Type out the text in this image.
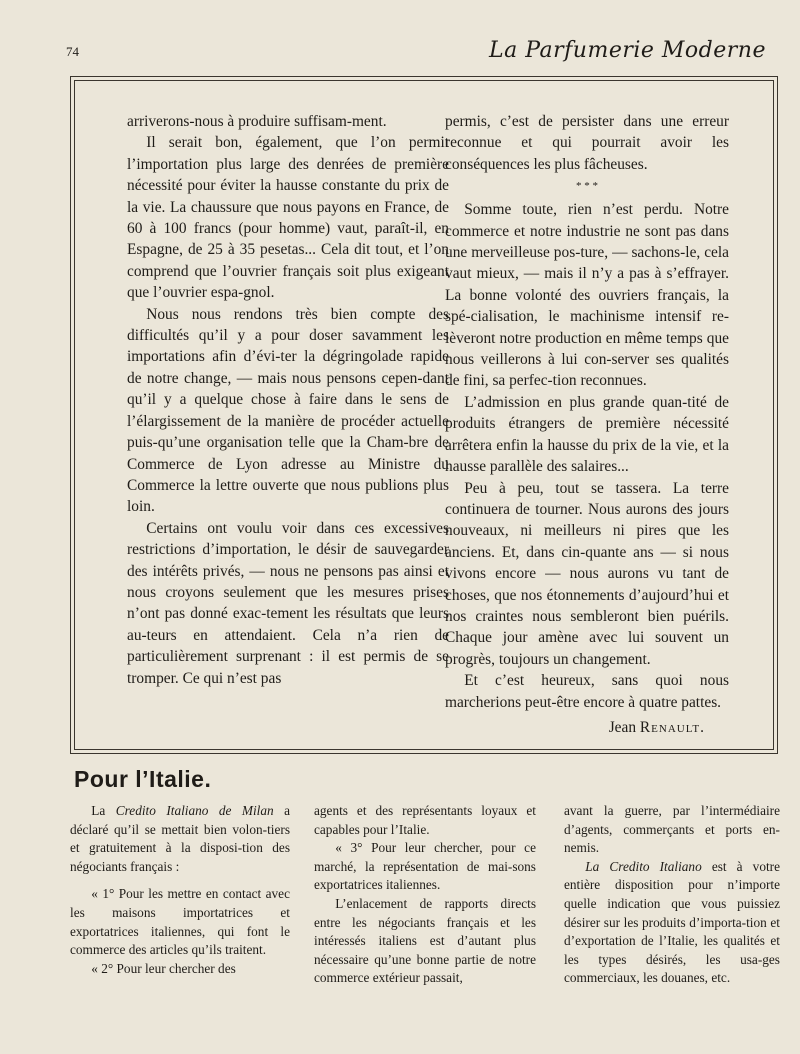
74	La Parfumerie Moderne

arriverons-nous à produire suffisam-ment.

Il serait bon, également, que l’on permit l’importation plus large des denrées de première nécessité pour éviter la hausse constante du prix de la vie. La chaussure que nous payons en France, de 60 à 100 francs (pour homme) vaut, paraît-il, en Espagne, de 25 à 35 pesetas... Cela dit tout, et l’on comprend que l’ouvrier français soit plus exigeant que l’ouvrier espa-gnol.

Nous nous rendons très bien compte des difficultés qu’il y a pour doser savamment les importations afin d’évi-ter la dégringolade rapide de notre change, — mais nous pensons cepen-dant qu’il y a quelque chose à faire dans le sens de l’élargissement de la manière de procéder actuelle puis-qu’une organisation telle que la Cham-bre de Commerce de Lyon adresse au Ministre du Commerce la lettre ouverte que nous publions plus loin.

Certains ont voulu voir dans ces excessives restrictions d’importation, le désir de sauvegarder des intérêts privés, — nous ne pensons pas ainsi et nous croyons seulement que les mesures prises n’ont pas donné exac-tement les résultats que leurs au-teurs en attendaient. Cela n’a rien de particulièrement surprenant : il est permis de se tromper. Ce qui n’est pas

permis, c’est de persister dans une erreur reconnue et qui pourrait avoir les conséquences les plus fâcheuses.

* * *

Somme toute, rien n’est perdu. Notre commerce et notre industrie ne sont pas dans une merveilleuse pos-ture, — sachons-le, cela vaut mieux, — mais il n’y a pas à s’effrayer. La bonne volonté des ouvriers français, la spé-cialisation, le machinisme intensif re-lèveront notre production en même temps que nous veillerons à lui con-server ses qualités de fini, sa perfec-tion reconnues.

L’admission en plus grande quan-tité de produits étrangers de première nécessité arrêtera enfin la hausse du prix de la vie, et la hausse parallèle des salaires...

Peu à peu, tout se tassera. La terre continuera de tourner. Nous aurons des jours nouveaux, ni meilleurs ni pires que les anciens. Et, dans cin-quante ans — si nous vivons encore — nous aurons vu tant de choses, que nos étonnements d’aujourd’hui et nos craintes nous sembleront bien puérils. Chaque jour amène avec lui souvent un progrès, toujours un changement.

Et c’est heureux, sans quoi nous marcherions peut-être encore à quatre pattes.

Jean Renault.
Pour l’Italie.

La Credito Italiano de Milan a déclaré qu’il se mettait bien volon-tiers et gratuitement à la disposi-tion des négociants français :

« 1° Pour les mettre en contact avec les maisons importatrices et exportatrices italiennes, qui font le commerce des articles qu’ils traitent.

« 2° Pour leur chercher des

agents et des représentants loyaux et capables pour l’Italie.

« 3° Pour leur chercher, pour ce marché, la représentation de mai-sons exportatrices italiennes.

L’enlacement de rapports directs entre les négociants français et les intéressés italiens est d’autant plus nécessaire qu’une bonne partie de notre commerce extérieur passait,

avant la guerre, par l’intermédiaire d’agents, commerçants et ports en-nemis.

La Credito Italiano est à votre entière disposition pour n’importe quelle indication que vous puissiez désirer sur les produits d’importa-tion et d’exportation de l’Italie, les qualités et les types désirés, les usa-ges commerciaux, les douanes, etc.
